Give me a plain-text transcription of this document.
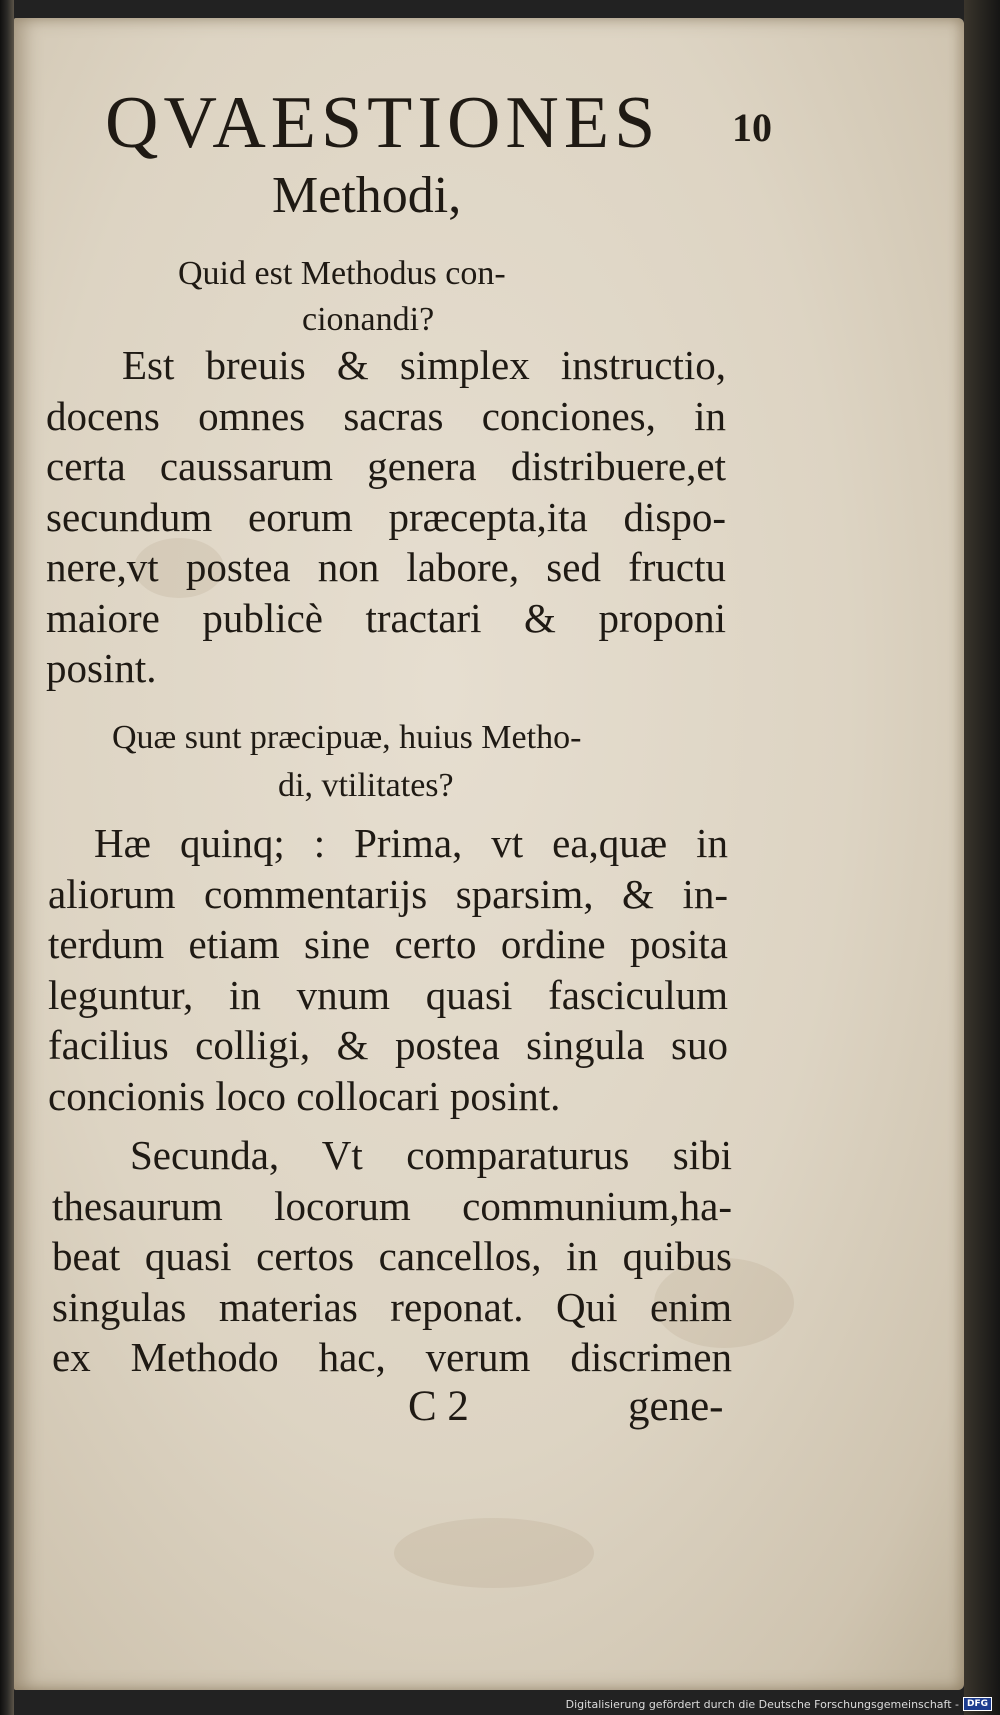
QVAESTIONES 10
Methodi,
Quid est Methodus con-
cionandi?
Est breuis & simplex instructio,
docens omnes sacras conciones, in
certa caussarum genera distribuere,et
secundum eorum præcepta,ita dispo-
nere,vt postea non labore, sed fructu
maiore publicè tractari & proponi
posint.
Quæ sunt præcipuæ, huius Metho-
di, vtilitates?
Hæ quinq; : Prima, vt ea,quæ in
aliorum commentarijs sparsim, & in-
terdum etiam sine certo ordine posita
leguntur, in vnum quasi fasciculum
facilius colligi, & postea singula suo
concionis loco collocari posint.
Secunda, Vt comparaturus sibi
thesaurum locorum communium,ha-
beat quasi certos cancellos, in quibus
singulas materias reponat. Qui enim
ex Methodo hac, verum discrimen
C 2	gene-
Digitalisierung gefördert durch die Deutsche Forschungsgemeinschaft - DFG
